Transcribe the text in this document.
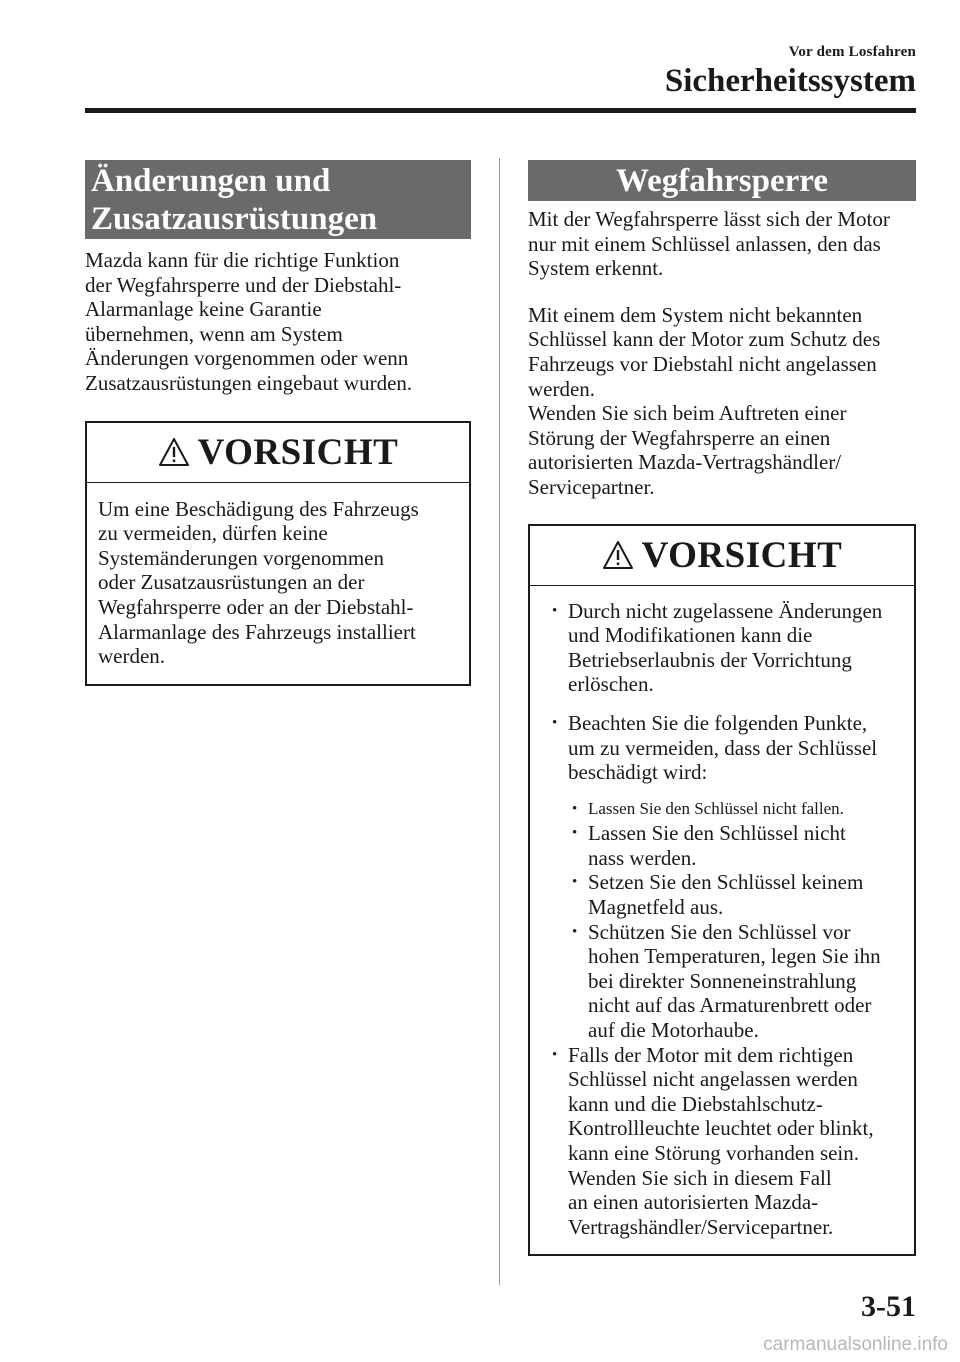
Vor dem Losfahren
Sicherheitssystem
Änderungen und
Zusatzausrüstungen
Mazda kann für die richtige Funktion
der Wegfahrsperre und der Diebstahl-
Alarmanlage keine Garantie
übernehmen, wenn am System
Änderungen vorgenommen oder wenn
Zusatzausrüstungen eingebaut wurden.
VORSICHT
Um eine Beschädigung des Fahrzeugs
zu vermeiden, dürfen keine
Systemänderungen vorgenommen
oder Zusatzausrüstungen an der
Wegfahrsperre oder an der Diebstahl-
Alarmanlage des Fahrzeugs installiert
werden.
Wegfahrsperre
Mit der Wegfahrsperre lässt sich der Motor
nur mit einem Schlüssel anlassen, den das
System erkennt.
Mit einem dem System nicht bekannten
Schlüssel kann der Motor zum Schutz des
Fahrzeugs vor Diebstahl nicht angelassen
werden.
Wenden Sie sich beim Auftreten einer
Störung der Wegfahrsperre an einen
autorisierten Mazda-Vertragshändler/
Servicepartner.
VORSICHT
• Durch nicht zugelassene Änderungen
und Modifikationen kann die
Betriebserlaubnis der Vorrichtung
erlöschen.
• Beachten Sie die folgenden Punkte,
um zu vermeiden, dass der Schlüssel
beschädigt wird:
• Lassen Sie den Schlüssel nicht fallen.
• Lassen Sie den Schlüssel nicht
nass werden.
• Setzen Sie den Schlüssel keinem
Magnetfeld aus.
• Schützen Sie den Schlüssel vor
hohen Temperaturen, legen Sie ihn
bei direkter Sonneneinstrahlung
nicht auf das Armaturenbrett oder
auf die Motorhaube.
• Falls der Motor mit dem richtigen
Schlüssel nicht angelassen werden
kann und die Diebstahlschutz-
Kontrollleuchte leuchtet oder blinkt,
kann eine Störung vorhanden sein.
Wenden Sie sich in diesem Fall
an einen autorisierten Mazda-
Vertragshändler/Servicepartner.
3-51
carmanualsonline.info
